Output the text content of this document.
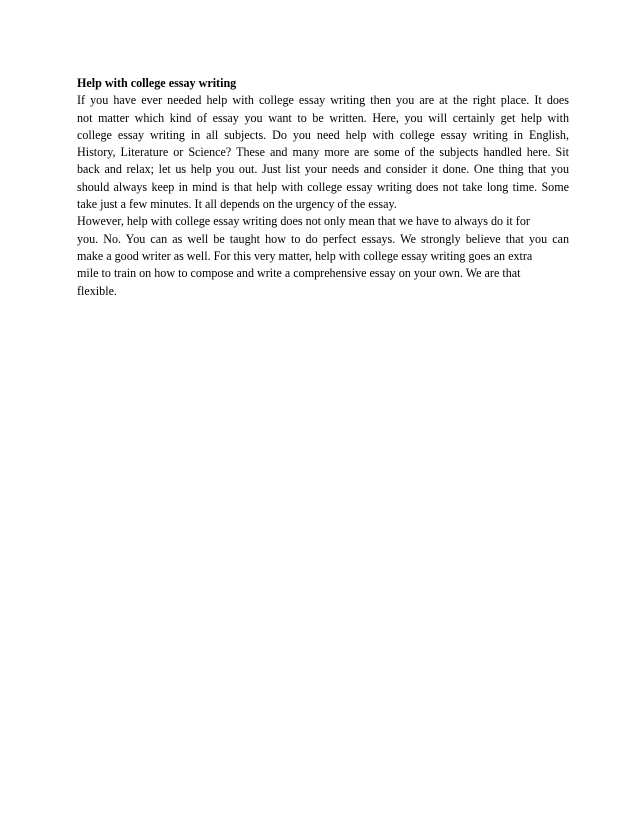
Help with college essay writing
If you have ever needed help with college essay writing then you are at the right place. It does
not matter which kind of essay you want to be written. Here, you will certainly get help with
college essay writing in all subjects. Do you need help with college essay writing in English,
History, Literature or Science? These and many more are some of the subjects handled here. Sit
back and relax; let us help you out. Just list your needs and consider it done. One thing that you
should always keep in mind is that help with college essay writing does not take long time. Some
take just a few minutes. It all depends on the urgency of the essay.
However, help with college essay writing does not only mean that we have to always do it for
you. No. You can as well be taught how to do perfect essays. We strongly believe that you can
make a good writer as well. For this very matter, help with college essay writing goes an extra
mile to train on how to compose and write a comprehensive essay on your own. We are that
flexible.
